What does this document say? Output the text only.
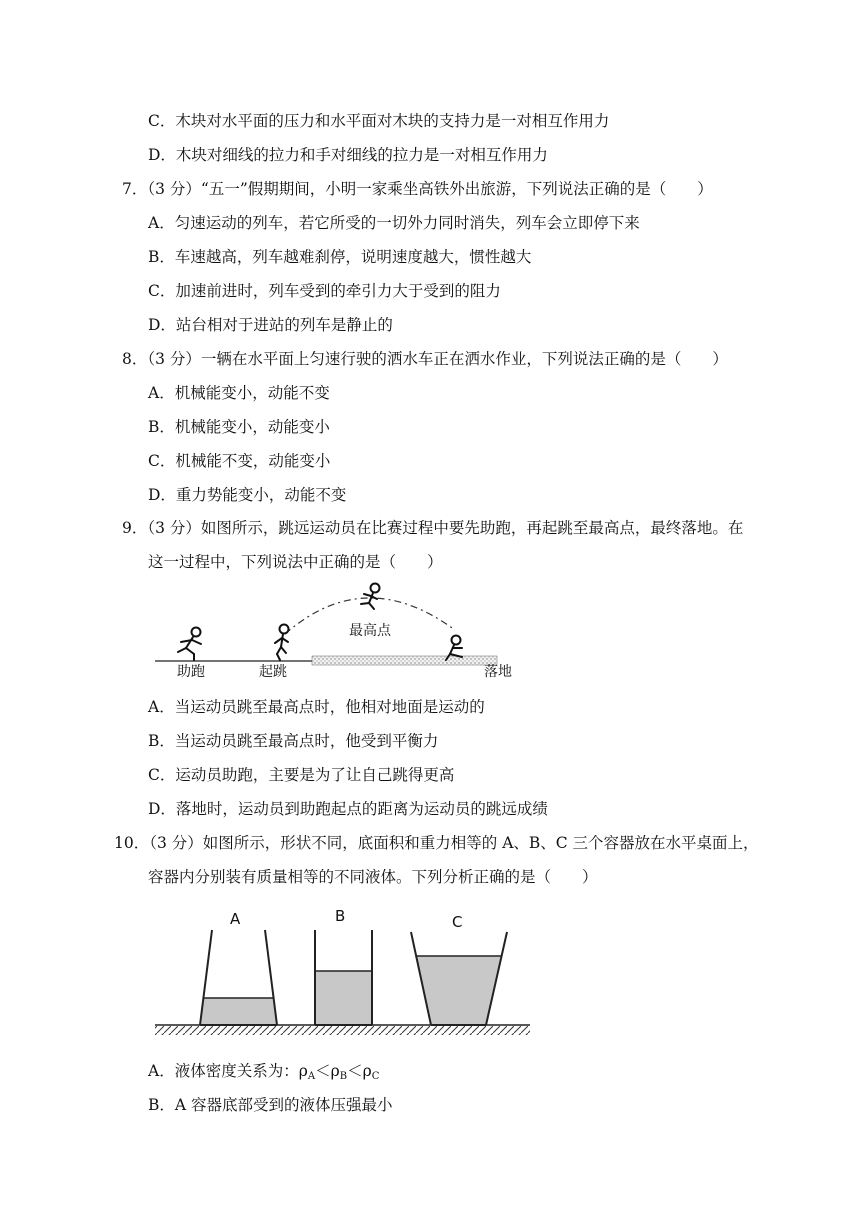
C．木块对水平面的压力和水平面对木块的支持力是一对相互作用力
D．木块对细线的拉力和手对细线的拉力是一对相互作用力
7．（3 分）“五一”假期期间，小明一家乘坐高铁外出旅游，下列说法正确的是（　　）
A．匀速运动的列车，若它所受的一切外力同时消失，列车会立即停下来
B．车速越高，列车越难刹停，说明速度越大，惯性越大
C．加速前进时，列车受到的牵引力大于受到的阻力
D．站台相对于进站的列车是静止的
8．（3 分）一辆在水平面上匀速行驶的洒水车正在洒水作业，下列说法正确的是（　　）
A．机械能变小，动能不变
B．机械能变小，动能变小
C．机械能不变，动能变小
D．重力势能变小，动能不变
9．（3 分）如图所示，跳远运动员在比赛过程中要先助跑，再起跳至最高点，最终落地。在
这一过程中，下列说法中正确的是（　　）
助跑	起跳
最高点
落地
A．当运动员跳至最高点时，他相对地面是运动的
B．当运动员跳至最高点时，他受到平衡力
C．运动员助跑，主要是为了让自己跳得更高
D．落地时，运动员到助跑起点的距离为运动员的跳远成绩
10．（3 分）如图所示，形状不同，底面积和重力相等的 A、B、C 三个容器放在水平桌面上，
容器内分别装有质量相等的不同液体。下列分析正确的是（　　）
A	B	C
A．液体密度关系为：$\rho_A<\rho_B<\rho_C$
B．A 容器底部受到的液体压强最小
